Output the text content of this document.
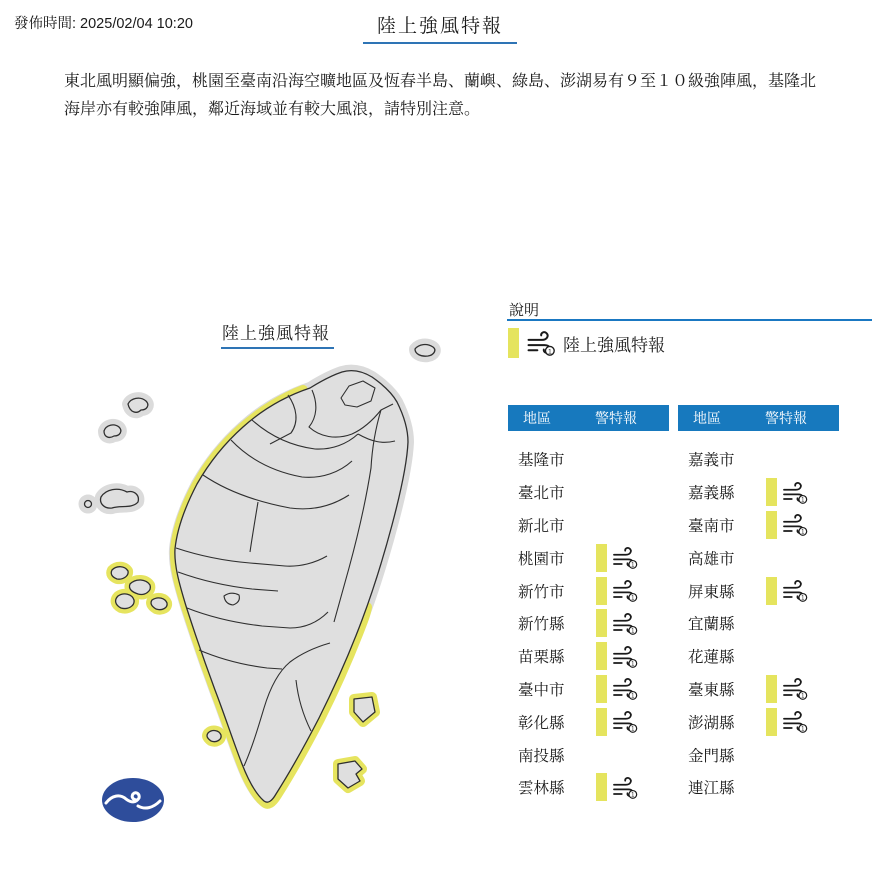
發佈時間: 2025/02/04 10:20	陸上強風特報

東北風明顯偏強，桃園至臺南沿海空曠地區及恆春半島、蘭嶼、綠島、澎湖易有９至１０級強陣風，基隆北海岸亦有較強陣風，鄰近海域並有較大風浪，請特別注意。

陸上強風特報
說明
陸上強風特報
地區	警特報
基隆市
臺北市
新北市
桃園市
新竹市
新竹縣
苗栗縣
臺中市
彰化縣
南投縣
雲林縣
地區	警特報
嘉義市
嘉義縣
臺南市
高雄市
屏東縣
宜蘭縣
花蓮縣
臺東縣
澎湖縣
金門縣
連江縣
